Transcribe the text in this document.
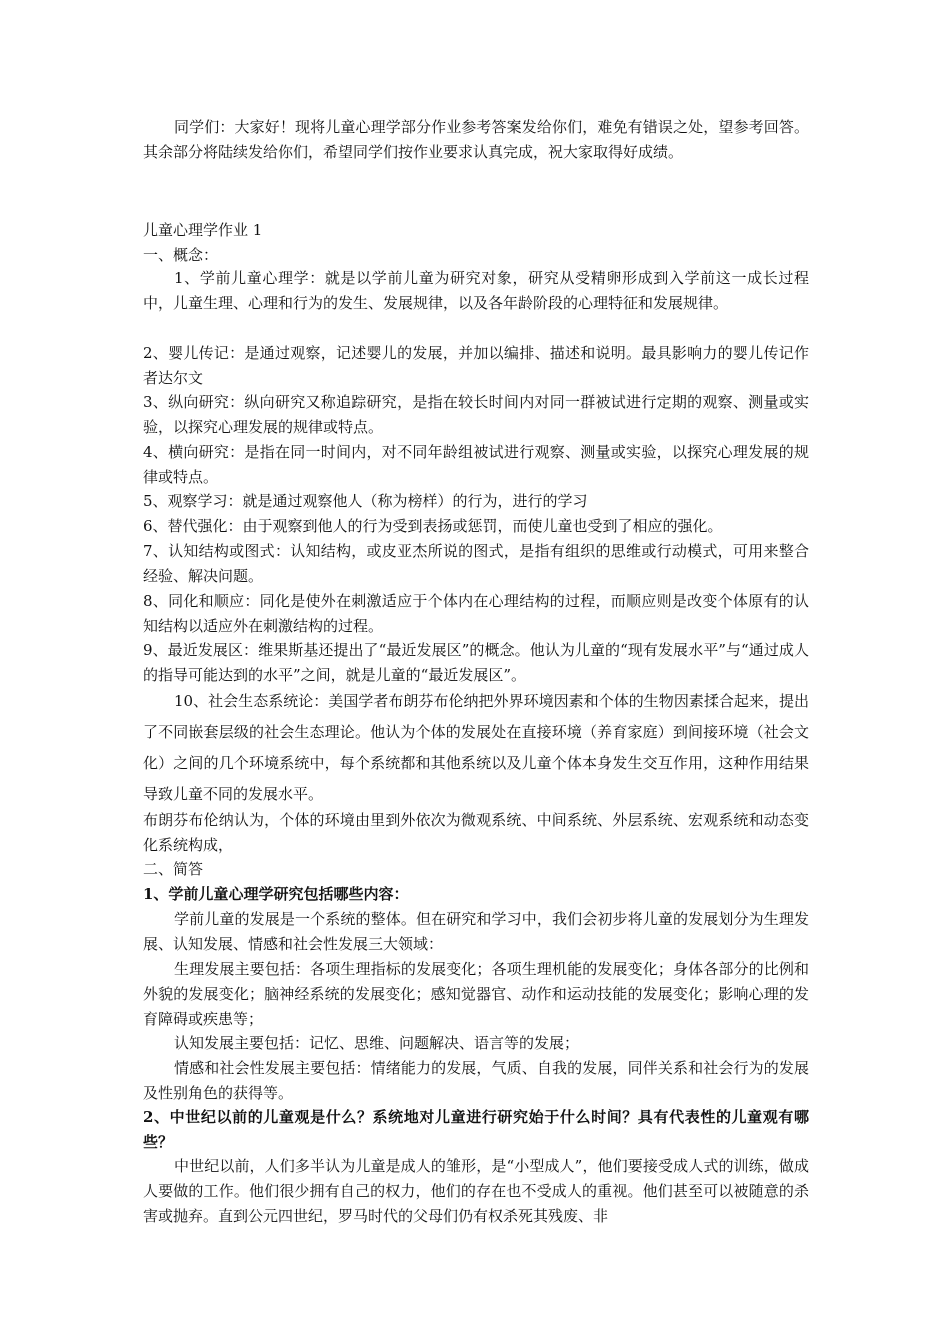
同学们：大家好！现将儿童心理学部分作业参考答案发给你们，难免有错误之处，望参考回答。其余部分将陆续发给你们，希望同学们按作业要求认真完成，祝大家取得好成绩。

儿童心理学作业 1

一、概念：

1、学前儿童心理学：就是以学前儿童为研究对象，研究从受精卵形成到入学前这一成长过程中，儿童生理、心理和行为的发生、发展规律，以及各年龄阶段的心理特征和发展规律。

2、婴儿传记：是通过观察，记述婴儿的发展，并加以编排、描述和说明。最具影响力的婴儿传记作者达尔文

3、纵向研究：纵向研究又称追踪研究，是指在较长时间内对同一群被试进行定期的观察、测量或实验，以探究心理发展的规律或特点。

4、横向研究：是指在同一时间内，对不同年龄组被试进行观察、测量或实验，以探究心理发展的规律或特点。

5、观察学习：就是通过观察他人（称为榜样）的行为，进行的学习

6、替代强化：由于观察到他人的行为受到表扬或惩罚，而使儿童也受到了相应的强化。

7、认知结构或图式：认知结构，或皮亚杰所说的图式，是指有组织的思维或行动模式，可用来整合经验、解决问题。

8、同化和顺应：同化是使外在刺激适应于个体内在心理结构的过程，而顺应则是改变个体原有的认知结构以适应外在刺激结构的过程。

9、最近发展区：维果斯基还提出了“最近发展区”的概念。他认为儿童的“现有发展水平”与“通过成人的指导可能达到的水平”之间，就是儿童的“最近发展区”。

10、社会生态系统论：美国学者布朗芬布伦纳把外界环境因素和个体的生物因素揉合起来，提出了不同嵌套层级的社会生态理论。他认为个体的发展处在直接环境（养育家庭）到间接环境（社会文化）之间的几个环境系统中，每个系统都和其他系统以及儿童个体本身发生交互作用，这种作用结果导致儿童不同的发展水平。

布朗芬布伦纳认为，个体的环境由里到外依次为微观系统、中间系统、外层系统、宏观系统和动态变化系统构成，

二、简答

1、学前儿童心理学研究包括哪些内容：

学前儿童的发展是一个系统的整体。但在研究和学习中，我们会初步将儿童的发展划分为生理发展、认知发展、情感和社会性发展三大领域：

生理发展主要包括：各项生理指标的发展变化；各项生理机能的发展变化；身体各部分的比例和外貌的发展变化；脑神经系统的发展变化；感知觉器官、动作和运动技能的发展变化；影响心理的发育障碍或疾患等；

认知发展主要包括：记忆、思维、问题解决、语言等的发展；

情感和社会性发展主要包括：情绪能力的发展，气质、自我的发展，同伴关系和社会行为的发展及性别角色的获得等。

2、中世纪以前的儿童观是什么？系统地对儿童进行研究始于什么时间？具有代表性的儿童观有哪些？

中世纪以前，人们多半认为儿童是成人的雏形，是“小型成人”，他们要接受成人式的训练，做成人要做的工作。他们很少拥有自己的权力，他们的存在也不受成人的重视。他们甚至可以被随意的杀害或抛弃。直到公元四世纪，罗马时代的父母们仍有权杀死其残废、非
